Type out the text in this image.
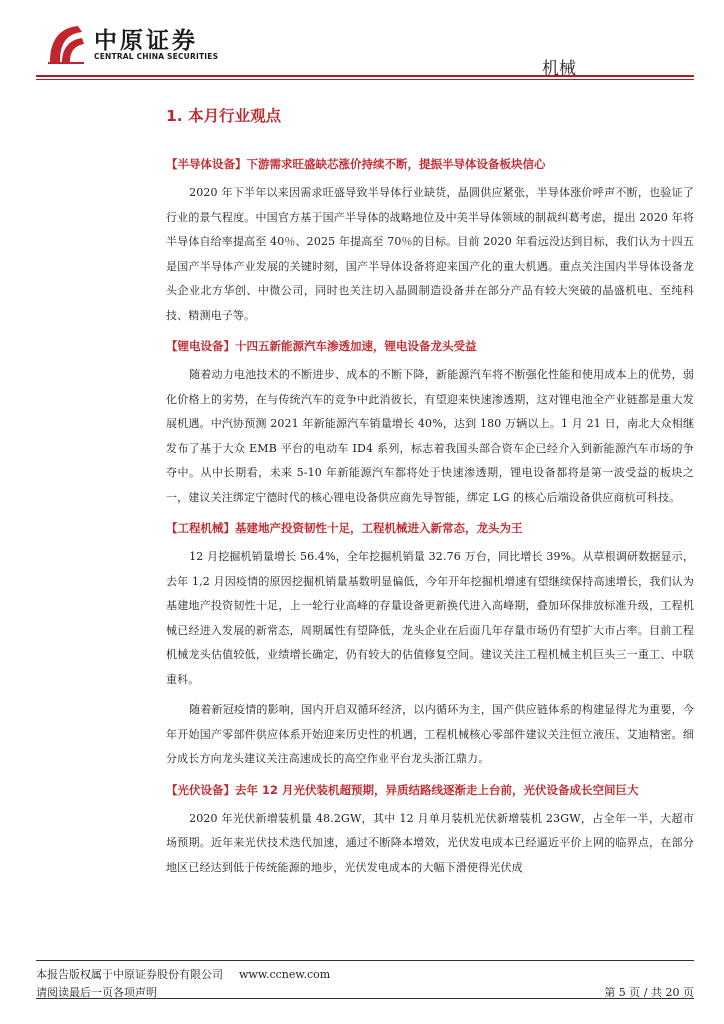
中原证券
CENTRAL CHINA SECURITIES
机械
1. 本月行业观点
【半导体设备】下游需求旺盛缺芯涨价持续不断，提振半导体设备板块信心

2020 年下半年以来因需求旺盛导致半导体行业缺货，晶圆供应紧张，半导体涨价呼声不断，也验证了行业的景气程度。中国官方基于国产半导体的战略地位及中美半导体领域的制裁纠葛考虑，提出 2020 年将半导体自给率提高至 40％、2025 年提高至 70％的目标。目前 2020 年看远没达到目标，我们认为十四五是国产半导体产业发展的关键时刻，国产半导体设备将迎来国产化的重大机遇。重点关注国内半导体设备龙头企业北方华创、中微公司，同时也关注切入晶圆制造设备并在部分产品有较大突破的晶盛机电、至纯科技、精测电子等。

【锂电设备】十四五新能源汽车渗透加速，锂电设备龙头受益

随着动力电池技术的不断进步、成本的不断下降，新能源汽车将不断强化性能和使用成本上的优势，弱化价格上的劣势，在与传统汽车的竞争中此消彼长，有望迎来快速渗透期，这对锂电池全产业链都是重大发展机遇。中汽协预测 2021 年新能源汽车销量增长 40%，达到 180 万辆以上。1 月 21 日，南北大众相继发布了基于大众 EMB 平台的电动车 ID4 系列，标志着我国头部合资车企已经介入到新能源汽车市场的争夺中。从中长期看，未来 5-10 年新能源汽车都将处于快速渗透期，锂电设备都将是第一波受益的板块之一，建议关注绑定宁德时代的核心锂电设备供应商先导智能，绑定 LG 的核心后端设备供应商杭可科技。

【工程机械】基建地产投资韧性十足，工程机械进入新常态，龙头为王

12 月挖掘机销量增长 56.4%，全年挖掘机销量 32.76 万台，同比增长 39%。从草根调研数据显示，去年 1,2 月因疫情的原因挖掘机销量基数明显偏低，今年开年挖掘机增速有望继续保持高速增长，我们认为基建地产投资韧性十足，上一轮行业高峰的存量设备更新换代进入高峰期，叠加环保排放标准升级，工程机械已经进入发展的新常态，周期属性有望降低，龙头企业在后面几年存量市场仍有望扩大市占率。目前工程机械龙头估值较低，业绩增长确定，仍有较大的估值修复空间。建议关注工程机械主机巨头三一重工、中联重科。

随着新冠疫情的影响，国内开启双循环经济，以内循环为主，国产供应链体系的构建显得尤为重要，今年开始国产零部件供应体系开始迎来历史性的机遇，工程机械核心零部件建议关注恒立液压、艾迪精密。细分成长方向龙头建议关注高速成长的高空作业平台龙头浙江鼎力。

【光伏设备】去年 12 月光伏装机超预期，异质结路线逐渐走上台前，光伏设备成长空间巨大

2020 年光伏新增装机量 48.2GW，其中 12 月单月装机光伏新增装机 23GW，占全年一半，大超市场预期。近年来光伏技术迭代加速，通过不断降本增效，光伏发电成本已经逼近平价上网的临界点，在部分地区已经达到低于传统能源的地步，光伏发电成本的大幅下滑使得光伏成

本报告版权属于中原证券股份有限公司 www.ccnew.com
请阅读最后一页各项声明	第 5 页 / 共 20 页
